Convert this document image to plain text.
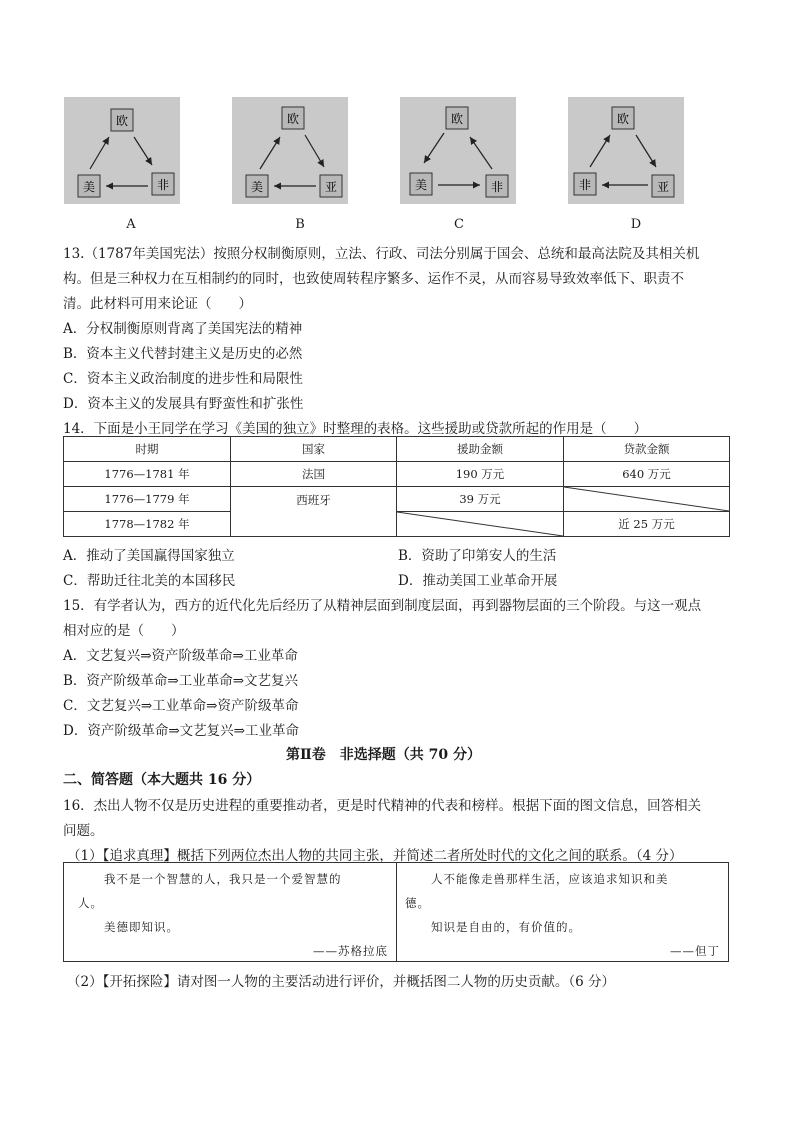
欧
美	非
欧
美	亚
欧
美	非
欧
非	亚
A	B	C	D
13.（1787年美国宪法）按照分权制衡原则，立法、行政、司法分别属于国会、总统和最高法院及其相关机
构。但是三种权力在互相制约的同时，也致使周转程序繁多、运作不灵，从而容易导致效率低下、职责不
清。此材料可用来论证（　　）
A．分权制衡原则背离了美国宪法的精神
B．资本主义代替封建主义是历史的必然
C．资本主义政治制度的进步性和局限性
D．资本主义的发展具有野蛮性和扩张性
14．下面是小王同学在学习《美国的独立》时整理的表格。这些援助或贷款所起的作用是（　　）
时期	国家	援助金额	贷款金额
1776—1781 年	法国	190 万元	640 万元
1776—1779 年	西班牙	39 万元	

1778—1782 年			近 25 万元
A．推动了美国赢得国家独立	B．资助了印第安人的生活
C．帮助迁往北美的本国移民	D．推动美国工业革命开展
15．有学者认为，西方的近代化先后经历了从精神层面到制度层面，再到器物层面的三个阶段。与这一观点
相对应的是（　　）
A．文艺复兴⇒资产阶级革命⇒工业革命
B．资产阶级革命⇒工业革命⇒文艺复兴
C．文艺复兴⇒工业革命⇒资产阶级革命
D．资产阶级革命⇒文艺复兴⇒工业革命
第Ⅱ卷　非选择题（共 70 分）
二、简答题（本大题共 16 分）
16．杰出人物不仅是历史进程的重要推动者，更是时代精神的代表和榜样。根据下面的图文信息，回答相关
问题。
（1）【追求真理】概括下列两位杰出人物的共同主张，并简述二者所处时代的文化之间的联系。（4 分）

我不是一个智慧的人，我只是一个爱智慧的

人。

美德即知识。

——苏格拉底

人不能像走兽那样生活，应该追求知识和美

德。

知识是自由的，有价值的。

——但丁

（2）【开拓探险】请对图一人物的主要活动进行评价，并概括图二人物的历史贡献。（6 分）
